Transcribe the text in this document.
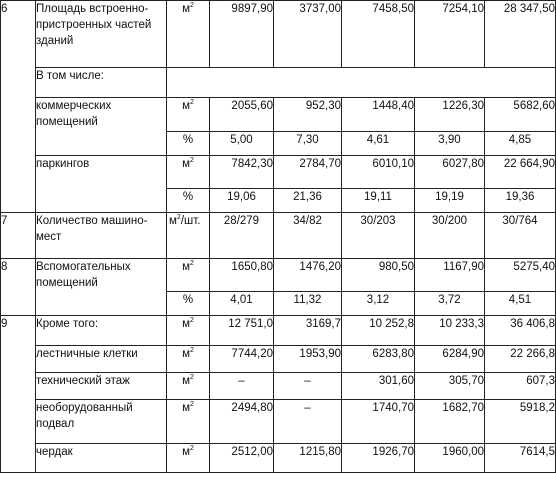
6	Площадь встроенно-пристроенных частей зданий	$м^2$	9897,90	3737,00	7458,50	7254,10	28 347,50
	В том числе:						
	коммерческих помещений	$м^2$	2055,60	952,30	1448,40	1226,30	5682,60
		%	5,00	7,30	4,61	3,90	4,85
	паркингов	$м^2$	7842,30	2784,70	6010,10	6027,80	22 664,90
		%	19,06	21,36	19,11	19,19	19,36
7	Количество машино-мест	$м^2/шт$.	28/279	34/82	30/203	30/200	30/764
8	Вспомогательных помещений	$м^2$	1650,80	1476,20	980,50	1167,90	5275,40
		%	4,01	11,32	3,12	3,72	4,51
9	Кроме того:	$м^2$	12 751,0	3169,7	10 252,8	10 233,3	36 406,8
	лестничные клетки	$м^2$	7744,20	1953,90	6283,80	6284,90	22 266,8
	технический этаж	$м^2$	–	–	301,60	305,70	607,3
	необорудованный подвал	$м^2$	2494,80	–	1740,70	1682,70	5918,2
	чердак	$м^2$	2512,00	1215,80	1926,70	1960,00	7614,5
